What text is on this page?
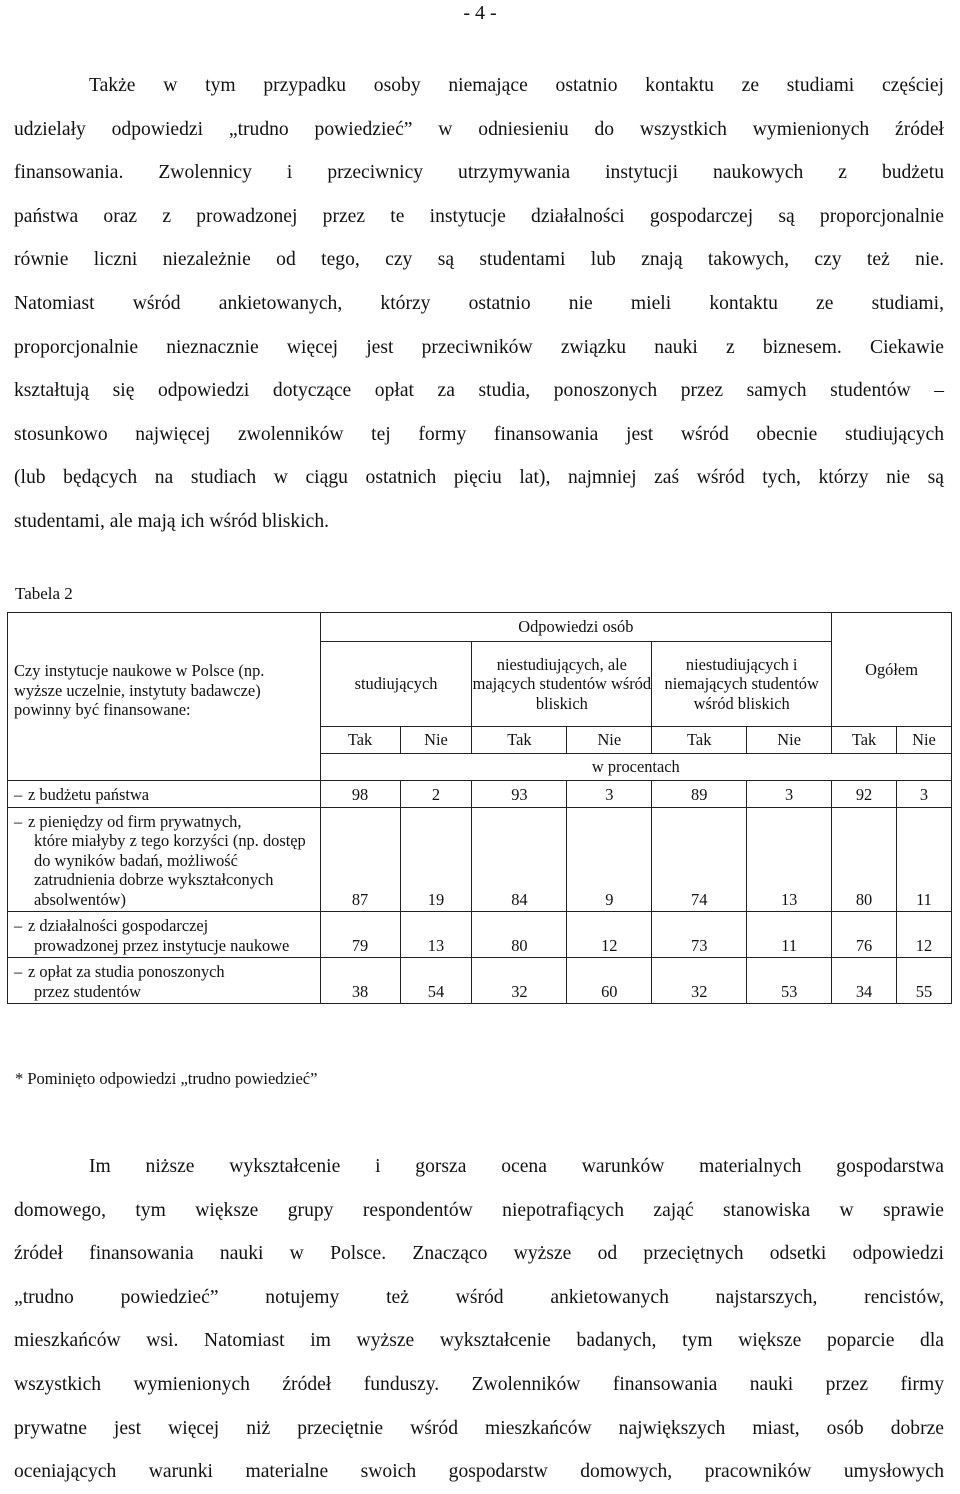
- 4 -
Także w tym przypadku osoby niemające ostatnio kontaktu ze studiami częściej
udzielały odpowiedzi „trudno powiedzieć” w odniesieniu do wszystkich wymienionych źródeł
finansowania. Zwolennicy i przeciwnicy utrzymywania instytucji naukowych z budżetu
państwa oraz z prowadzonej przez te instytucje działalności gospodarczej są proporcjonalnie
równie liczni niezależnie od tego, czy są studentami lub znają takowych, czy też nie.
Natomiast wśród ankietowanych, którzy ostatnio nie mieli kontaktu ze studiami,
proporcjonalnie nieznacznie więcej jest przeciwników związku nauki z biznesem. Ciekawie
kształtują się odpowiedzi dotyczące opłat za studia, ponoszonych przez samych studentów –
stosunkowo najwięcej zwolenników tej formy finansowania jest wśród obecnie studiujących
(lub będących na studiach w ciągu ostatnich pięciu lat), najmniej zaś wśród tych, którzy nie są
studentami, ale mają ich wśród bliskich.
Tabela 2
Czy instytucje naukowe w Polsce (np. wyższe uczelnie, instytuty badawcze) powinny być finansowane:	Odpowiedzi osób						Ogółem	
	studiujących		niestudiujących, ale mających studentów wśród bliskich		niestudiujących i niemających studentów wśród bliskich			
	Tak	Nie	Tak	Nie	Tak	Nie	Tak	Nie
	w procentach							

– z budżetu państwa	98	2	93	3	89	3	92	3

– z pieniędzy od firm prywatnych,
które miałyby z tego korzyści (np. dostęp do wyników badań, możliwość zatrudnienia dobrze wykształconych absolwentów)	87	19	84	9	74	13	80	11

– z działalności gospodarczej
prowadzonej przez instytucje naukowe	79	13	80	12	73	11	76	12

– z opłat za studia ponoszonych
przez studentów	38	54	32	60	32	53	34	55
* Pominięto odpowiedzi „trudno powiedzieć”
Im niższe wykształcenie i gorsza ocena warunków materialnych gospodarstwa
domowego, tym większe grupy respondentów niepotrafiących zająć stanowiska w sprawie
źródeł finansowania nauki w Polsce. Znacząco wyższe od przeciętnych odsetki odpowiedzi
„trudno powiedzieć” notujemy też wśród ankietowanych najstarszych, rencistów,
mieszkańców wsi. Natomiast im wyższe wykształcenie badanych, tym większe poparcie dla
wszystkich wymienionych źródeł funduszy. Zwolenników finansowania nauki przez firmy
prywatne jest więcej niż przeciętnie wśród mieszkańców największych miast, osób dobrze
oceniających warunki materialne swoich gospodarstw domowych, pracowników umysłowych
